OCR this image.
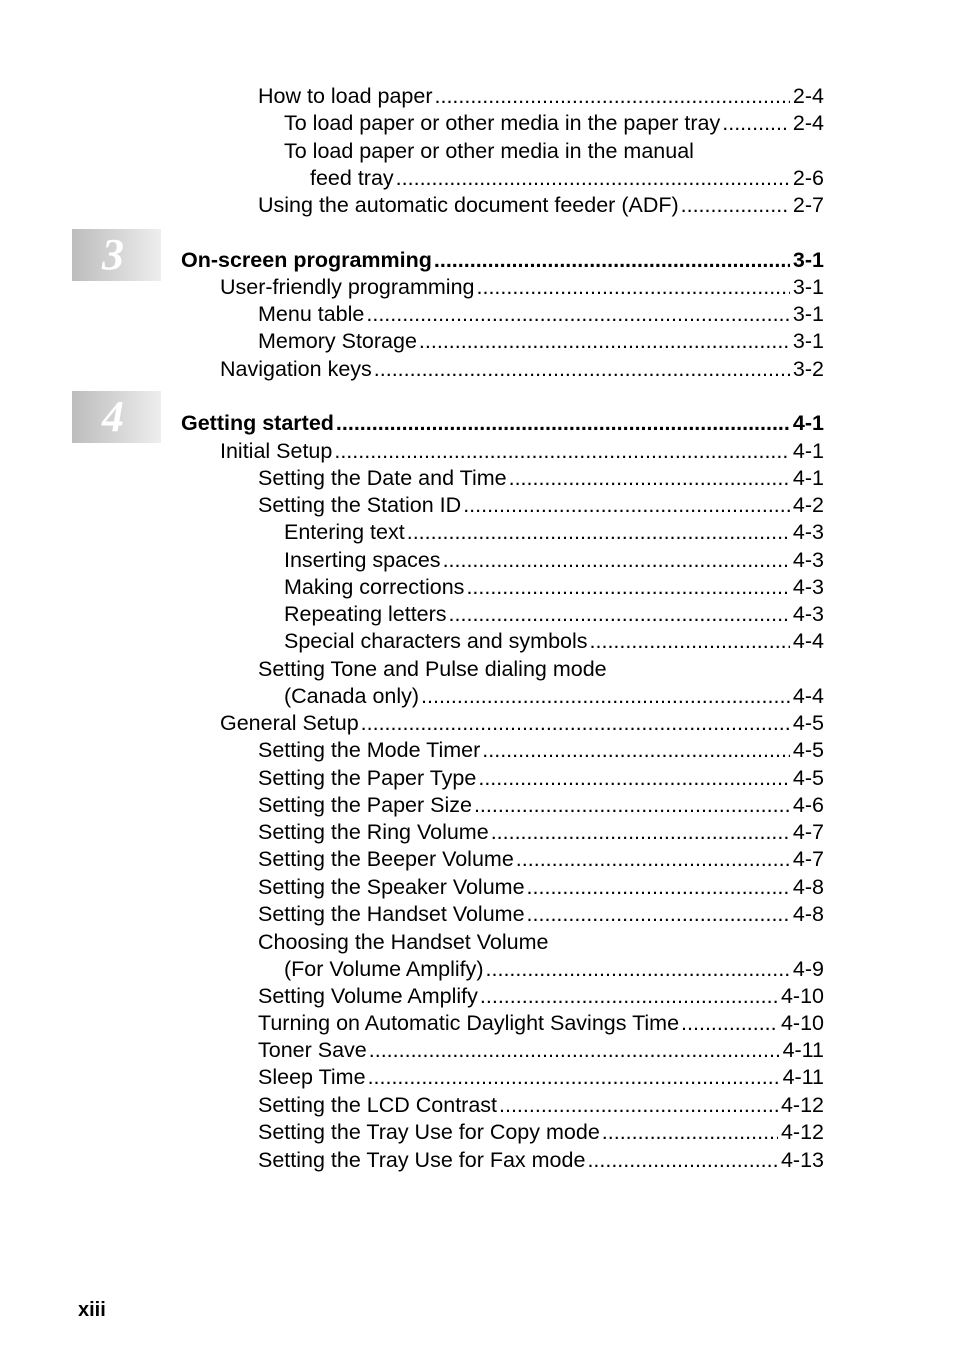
3
4
How to load paper .....	2-4
To load paper or other media in the paper tray .....	2-4
To load paper or other media in the manual
feed tray .....	2-6
Using the automatic document feeder (ADF) .....	2-7
On-screen programming .....	3-1
User-friendly programming .....	3-1
Menu table .....	3-1
Memory Storage .....	3-1
Navigation keys .....	3-2
Getting started .....	4-1
Initial Setup .....	4-1
Setting the Date and Time .....	4-1
Setting the Station ID .....	4-2
Entering text .....	4-3
Inserting spaces .....	4-3
Making corrections .....	4-3
Repeating letters .....	4-3
Special characters and symbols .....	4-4
Setting Tone and Pulse dialing mode
(Canada only) .....	4-4
General Setup .....	4-5
Setting the Mode Timer .....	4-5
Setting the Paper Type .....	4-5
Setting the Paper Size .....	4-6
Setting the Ring Volume .....	4-7
Setting the Beeper Volume .....	4-7
Setting the Speaker Volume .....	4-8
Setting the Handset Volume .....	4-8
Choosing the Handset Volume
(For Volume Amplify) .....	4-9
Setting Volume Amplify .....	4-10
Turning on Automatic Daylight Savings Time .....	4-10
Toner Save .....	4-11
Sleep Time .....	4-11
Setting the LCD Contrast .....	4-12
Setting the Tray Use for Copy mode .....	4-12
Setting the Tray Use for Fax mode .....	4-13
xiii
